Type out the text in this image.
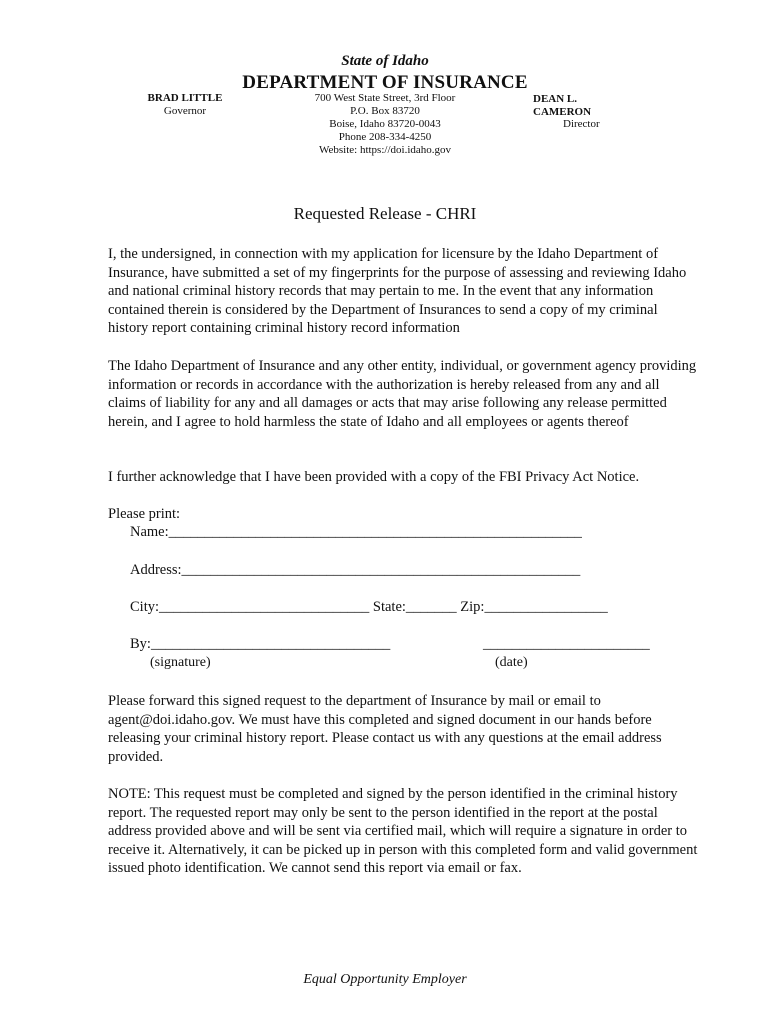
State of Idaho
DEPARTMENT OF INSURANCE
BRAD LITTLE
Governor
700 West State Street, 3rd Floor
P.O. Box 83720
Boise, Idaho 83720-0043
Phone 208-334-4250
Website: https://doi.idaho.gov
DEAN L.
CAMERON
Director
Requested Release - CHRI
I, the undersigned, in connection with my application for licensure by the Idaho Department of Insurance, have submitted a set of my fingerprints for the purpose of assessing and reviewing Idaho and national criminal history records that may pertain to me. In the event that any information contained therein is considered by the Department of Insurances to send a copy of my criminal history report containing criminal history record information
The Idaho Department of Insurance and any other entity, individual, or government agency providing information or records in accordance with the authorization is hereby released from any and all claims of liability for any and all damages or acts that may arise following any release permitted herein, and I agree to hold harmless the state of Idaho and all employees or agents thereof
I further acknowledge that I have been provided with a copy of the FBI Privacy Act Notice.
Please print:
Name:_________________________________________________________
Address:_______________________________________________________
City:_____________________________ State:_______ Zip:_________________
By:_________________________________	_______________________
(signature)	(date)
Please forward this signed request to the department of Insurance by mail or email to agent@doi.idaho.gov. We must have this completed and signed document in our hands before releasing your criminal history report. Please contact us with any questions at the email address provided.
NOTE: This request must be completed and signed by the person identified in the criminal history report. The requested report may only be sent to the person identified in the report at the postal address provided above and will be sent via certified mail, which will require a signature in order to receive it. Alternatively, it can be picked up in person with this completed form and valid government issued photo identification. We cannot send this report via email or fax.
Equal Opportunity Employer
